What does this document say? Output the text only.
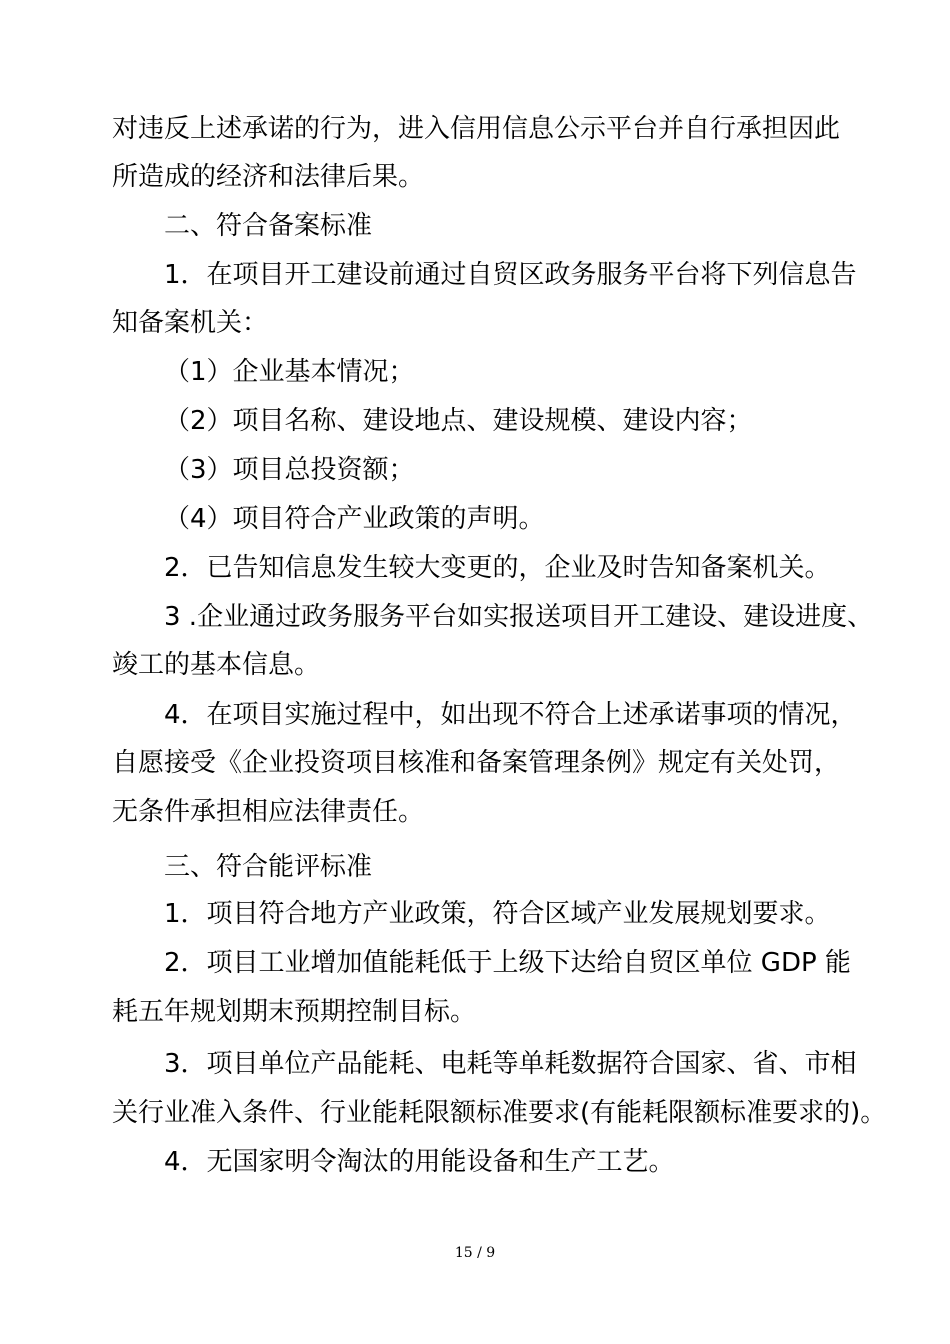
对违反上述承诺的行为，进入信用信息公示平台并自行承担因此
所造成的经济和法律后果。
二、符合备案标准
1．在项目开工建设前通过自贸区政务服务平台将下列信息告
知备案机关：
（1）企业基本情况；
（2）项目名称、建设地点、建设规模、建设内容；
（3）项目总投资额；
（4）项目符合产业政策的声明。
2．已告知信息发生较大变更的，企业及时告知备案机关。
3 .企业通过政务服务平台如实报送项目开工建设、建设进度、
竣工的基本信息。
4．在项目实施过程中，如出现不符合上述承诺事项的情况，
自愿接受《企业投资项目核准和备案管理条例》规定有关处罚，
无条件承担相应法律责任。
三、符合能评标准
1．项目符合地方产业政策，符合区域产业发展规划要求。
2．项目工业增加值能耗低于上级下达给自贸区单位 GDP 能
耗五年规划期末预期控制目标。
3．项目单位产品能耗、电耗等单耗数据符合国家、省、市相
关行业准入条件、行业能耗限额标准要求(有能耗限额标准要求的)。
4．无国家明令淘汰的用能设备和生产工艺。
15 / 9
